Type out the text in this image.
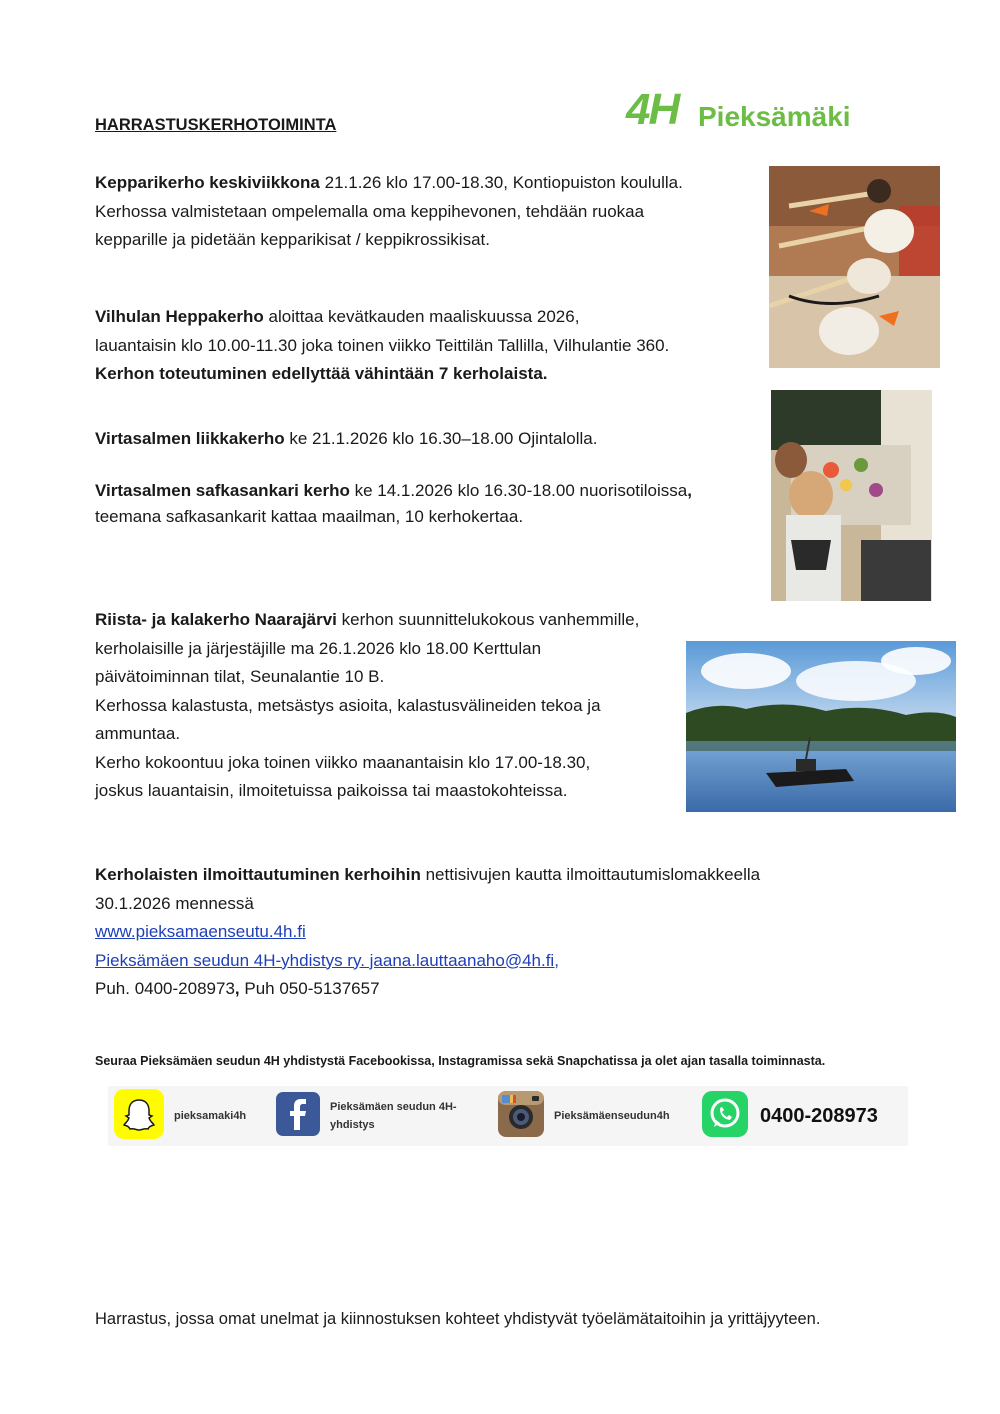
HARRASTUSKERHOTOIMINTA	4H Pieksämäki
Kepparikerho keskiviikkona 21.1.26 klo 17.00-18.30, Kontiopuiston koululla.
Kerhossa valmistetaan ompelemalla oma keppihevonen, tehdään ruokaa
kepparille ja pidetään kepparikisat / keppikrossikisat.
Vilhulan Heppakerho aloittaa kevätkauden maaliskuussa 2026,
lauantaisin klo 10.00-11.30 joka toinen viikko Teittilän Tallilla, Vilhulantie 360.
Kerhon toteutuminen edellyttää vähintään 7 kerholaista.
Virtasalmen liikkakerho ke 21.1.2026 klo 16.30–18.00 Ojintalolla.
Virtasalmen safkasankari kerho ke 14.1.2026 klo 16.30-18.00 nuorisotiloissa,
teemana safkasankarit kattaa maailman, 10 kerhokertaa.
Riista- ja kalakerho Naarajärvi kerhon suunnittelukokous vanhemmille,
kerholaisille ja järjestäjille ma 26.1.2026 klo 18.00 Kerttulan
päivätoiminnan tilat, Seunalantie 10 B.
Kerhossa kalastusta, metsästys asioita, kalastusvälineiden tekoa ja
ammuntaa.
Kerho kokoontuu joka toinen viikko maanantaisin klo 17.00-18.30,
joskus lauantaisin, ilmoitetuissa paikoissa tai maastokohteissa.
Kerholaisten ilmoittautuminen kerhoihin nettisivujen kautta ilmoittautumislomakkeella
30.1.2026 mennessä
www.pieksamaenseutu.4h.fi
Pieksämäen seudun 4H-yhdistys ry. jaana.lauttaanaho@4h.fi,
Puh. 0400-208973, Puh 050-5137657
Seuraa Pieksämäen seudun 4H yhdistystä Facebookissa, Instagramissa sekä Snapchatissa ja olet ajan tasalla toiminnasta.
pieksamaki4h
Pieksämäen seudun 4H-
yhdistys
Pieksämäenseudun4h	0400-208973
Harrastus, jossa omat unelmat ja kiinnostuksen kohteet yhdistyvät työelämätaitoihin ja yrittäjyyteen.
